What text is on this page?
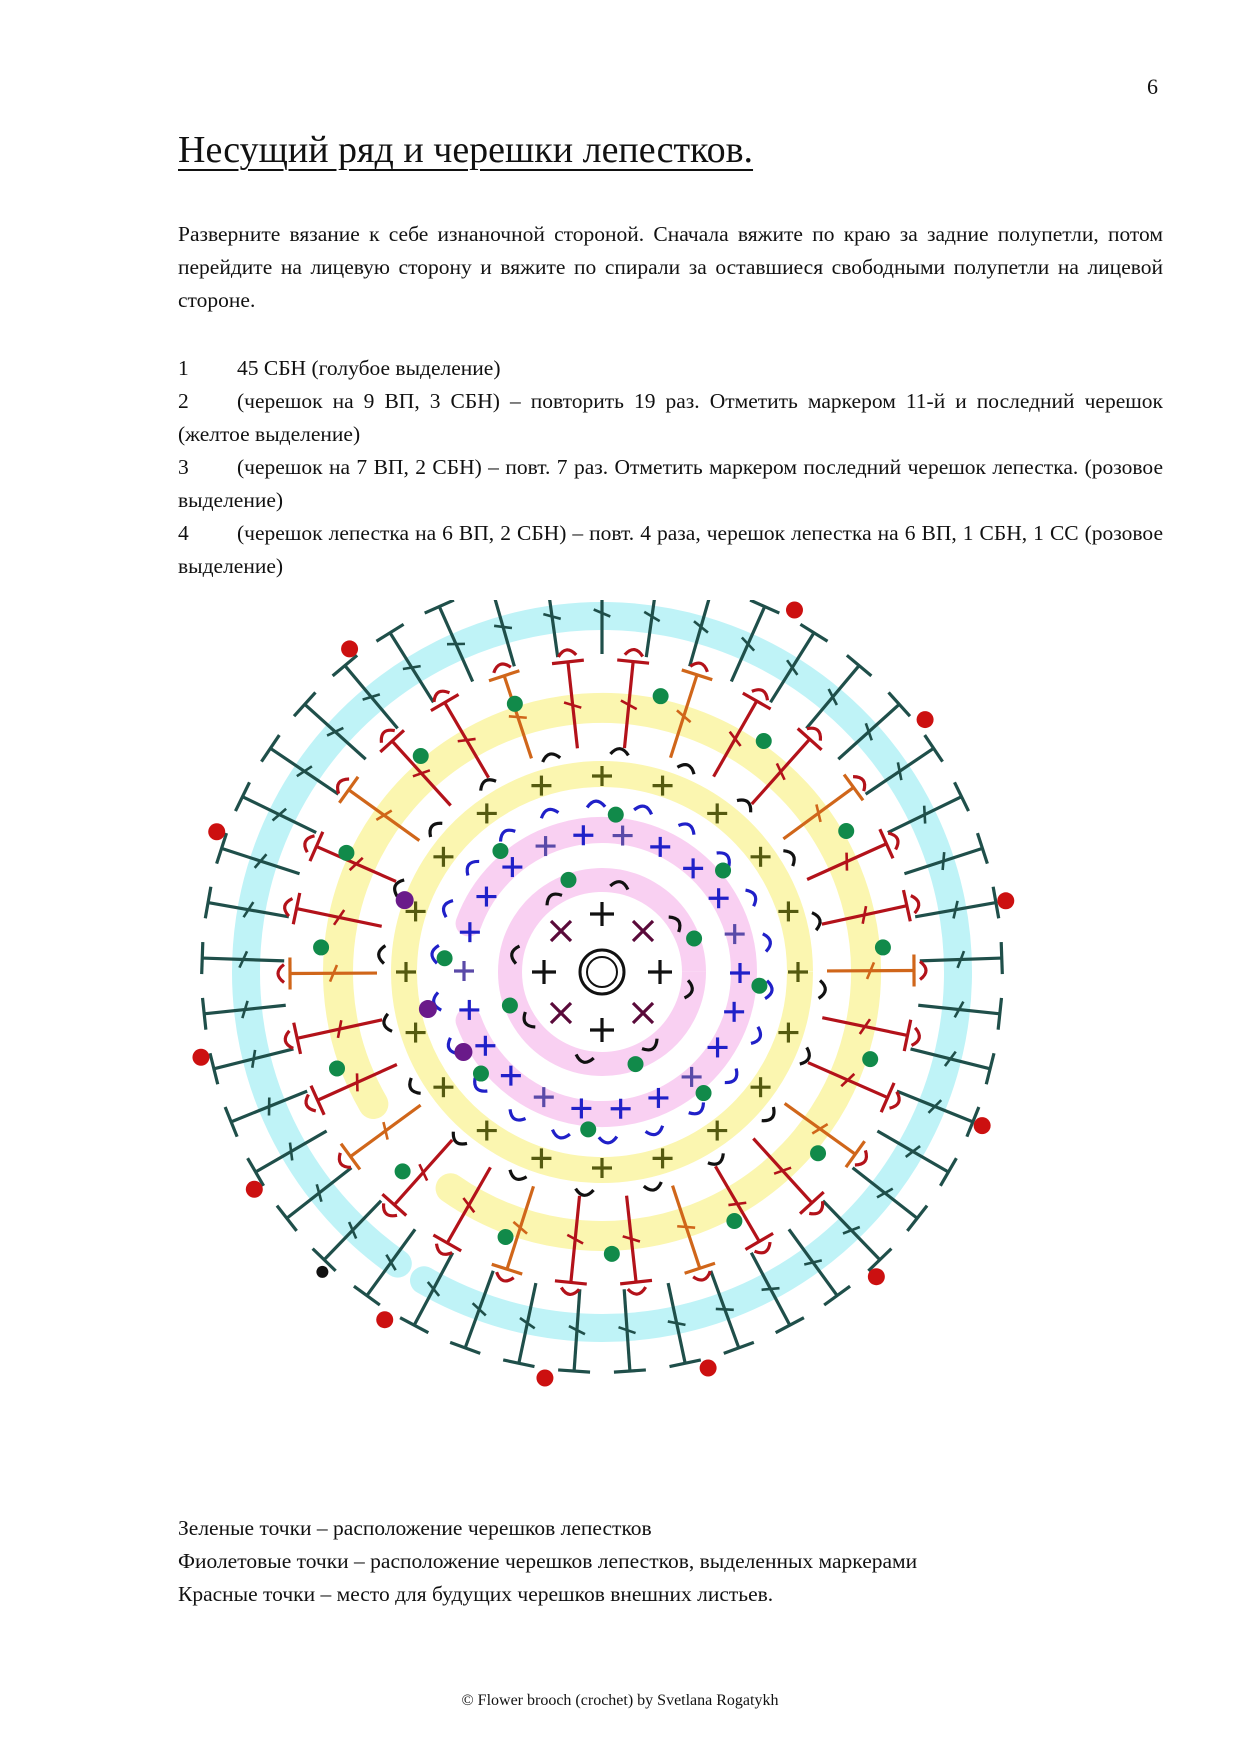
6
Несущий ряд и черешки лепестков.

Разверните вязание к себе изнаночной стороной. Сначала вяжите по краю за задние полупетли, потом перейдите на лицевую сторону и вяжите по спирали за оставшиеся свободными полупетли на лицевой стороне.

1 45 СБН (голубое выделение)
2 (черешок на 9 ВП, 3 СБН) – повторить 19 раз. Отметить маркером 11-й и последний черешок (желтое выделение)
3 (черешок на 7 ВП, 2 СБН) – повт. 7 раз. Отметить маркером последний черешок лепестка. (розовое выделение)
4 (черешок лепестка на 6 ВП, 2 СБН) – повт. 4 раза, черешок лепестка на 6 ВП, 1 СБН, 1 СС (розовое выделение)
Зеленые точки – расположение черешков лепестков
Фиолетовые точки – расположение черешков лепестков, выделенных маркерами
Красные точки – место для будущих черешков внешних листьев.
© Flower brooch (crochet) by Svetlana Rogatykh
